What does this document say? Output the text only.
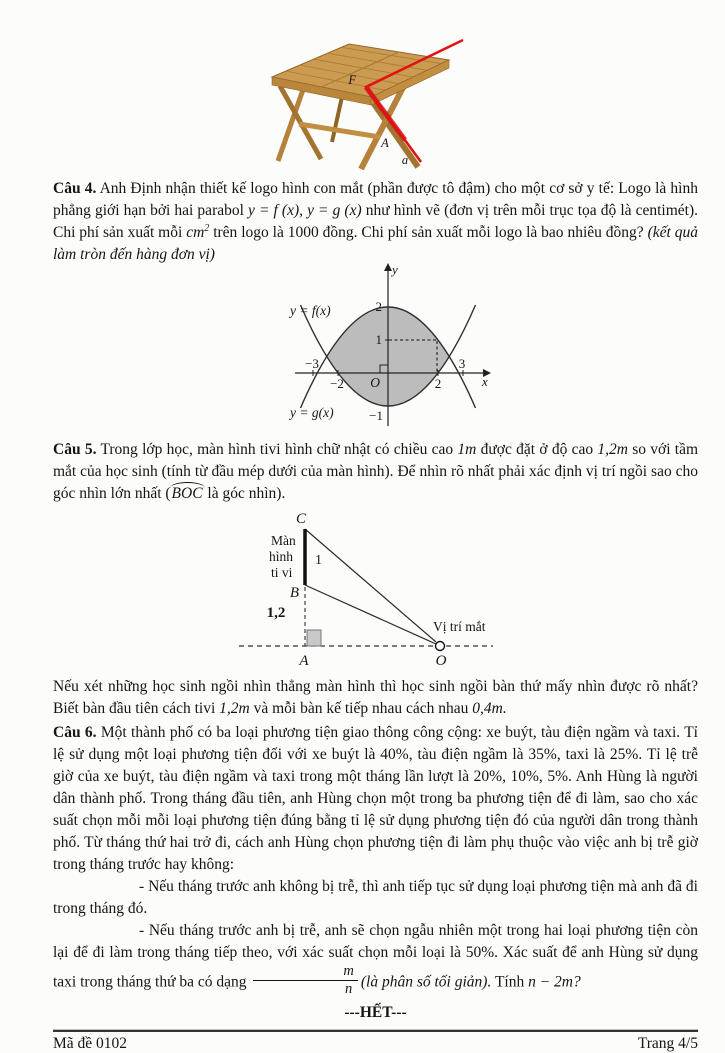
F
A
a

Câu 4. Anh Định nhận thiết kế logo hình con mắt (phần được tô đậm) cho một cơ sở y tế: Logo là hình phẳng giới hạn bởi hai parabol y = f (x), y = g (x) như hình vẽ (đơn vị trên mỗi trục tọa độ là centimét). Chi phí sản xuất mỗi $cm^2$ trên logo là 1000 đồng. Chi phí sản xuất mỗi logo là bao nhiêu đồng? (kết quả làm tròn đến hàng đơn vị)

y = f(x)
y = g(x)
−3
−2	2
3
2
1
−1
O	x
y

Câu 5. Trong lớp học, màn hình tivi hình chữ nhật có chiều cao 1m được đặt ở độ cao 1,2m so với tầm mắt của học sinh (tính từ đầu mép dưới của màn hình). Để nhìn rõ nhất phải xác định vị trí ngồi sao cho góc nhìn lớn nhất (BOC là góc nhìn).

C
B
A	O
Màn
hình
ti vi
1
1,2
Vị trí mắt

Nếu xét những học sinh ngồi nhìn thẳng màn hình thì học sinh ngồi bàn thứ mấy nhìn được rõ nhất? Biết bàn đầu tiên cách tivi 1,2m và mỗi bàn kế tiếp nhau cách nhau 0,4m.

Câu 6. Một thành phố có ba loại phương tiện giao thông công cộng: xe buýt, tàu điện ngầm và taxi. Tỉ lệ sử dụng một loại phương tiện đối với xe buýt là 40%, tàu điện ngầm là 35%, taxi là 25%. Tỉ lệ trễ giờ của xe buýt, tàu điện ngầm và taxi trong một tháng lần lượt là 20%, 10%, 5%. Anh Hùng là người dân thành phố. Trong tháng đầu tiên, anh Hùng chọn một trong ba phương tiện để đi làm, sao cho xác suất chọn mỗi mỗi loại phương tiện đúng bằng tỉ lệ sử dụng phương tiện đó của người dân trong thành phố. Từ tháng thứ hai trở đi, cách anh Hùng chọn phương tiện đi làm phụ thuộc vào việc anh bị trễ giờ trong tháng trước hay không:

- Nếu tháng trước anh không bị trễ, thì anh tiếp tục sử dụng loại phương tiện mà anh đã đi trong tháng đó.

- Nếu tháng trước anh bị trễ, anh sẽ chọn ngẫu nhiên một trong hai loại phương tiện còn lại để đi làm trong tháng tiếp theo, với xác suất chọn mỗi loại là 50%. Xác suất để anh Hùng sử dụng taxi trong tháng thứ ba có dạng $\frac{m}{n}$ (là phân số tối giản). Tính n − 2m?

---HẾT---

Mã đề 0102	Trang 4/5
